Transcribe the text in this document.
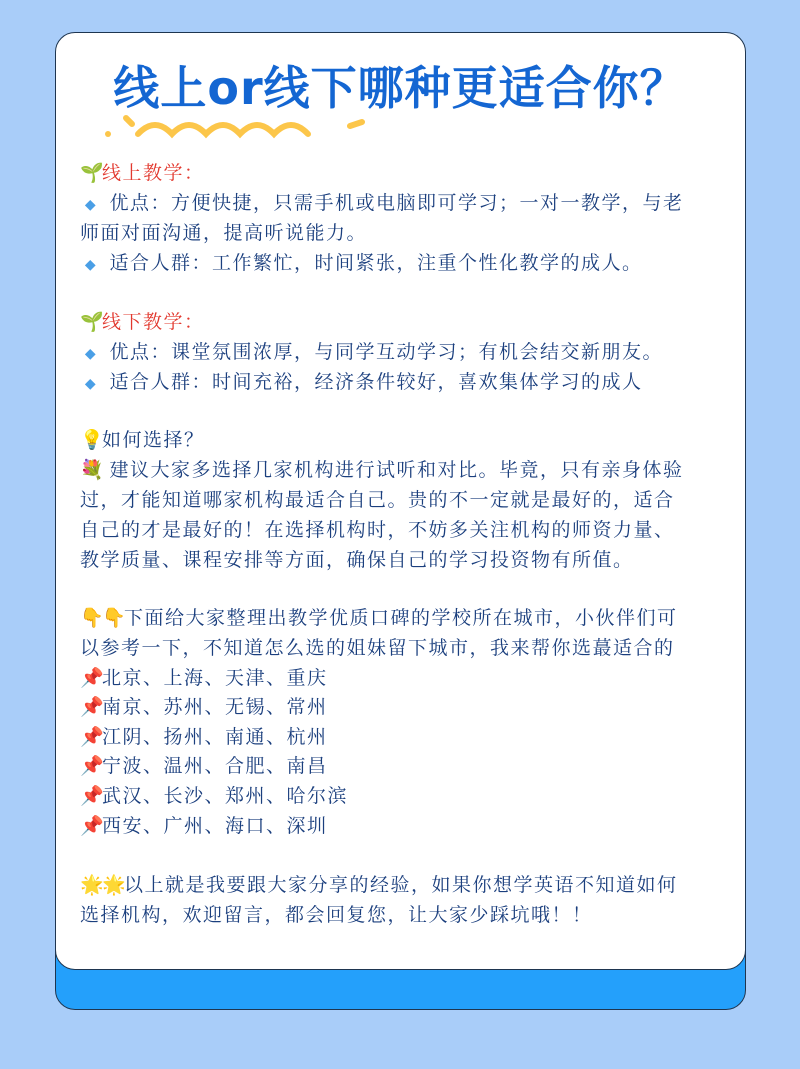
线上or线下哪种更适合你？
🌱线上教学：
◆ 优点：方便快捷，只需手机或电脑即可学习；一对一教学，与老
师面对面沟通，提高听说能力。
◆ 适合人群：工作繁忙，时间紧张，注重个性化教学的成人。
🌱线下教学：
◆ 优点：课堂氛围浓厚，与同学互动学习；有机会结交新朋友。
◆ 适合人群：时间充裕，经济条件较好，喜欢集体学习的成人
💡如何选择？
💐 建议大家多选择几家机构进行试听和对比。毕竟，只有亲身体验
过，才能知道哪家机构最适合自己。贵的不一定就是最好的，适合
自己的才是最好的！在选择机构时，不妨多关注机构的师资力量、
教学质量、课程安排等方面，确保自己的学习投资物有所值。
👇👇下面给大家整理出教学优质口碑的学校所在城市，小伙伴们可
以参考一下，不知道怎么选的姐妹留下城市，我来帮你选蕞适合的
📌北京、上海、天津、重庆
📌南京、苏州、无锡、常州
📌江阴、扬州、南通、杭州
📌宁波、温州、合肥、南昌
📌武汉、长沙、郑州、哈尔滨
📌西安、广州、海口、深圳
🌟🌟以上就是我要跟大家分享的经验，如果你想学英语不知道如何
选择机构，欢迎留言，都会回复您，让大家少踩坑哦！！
